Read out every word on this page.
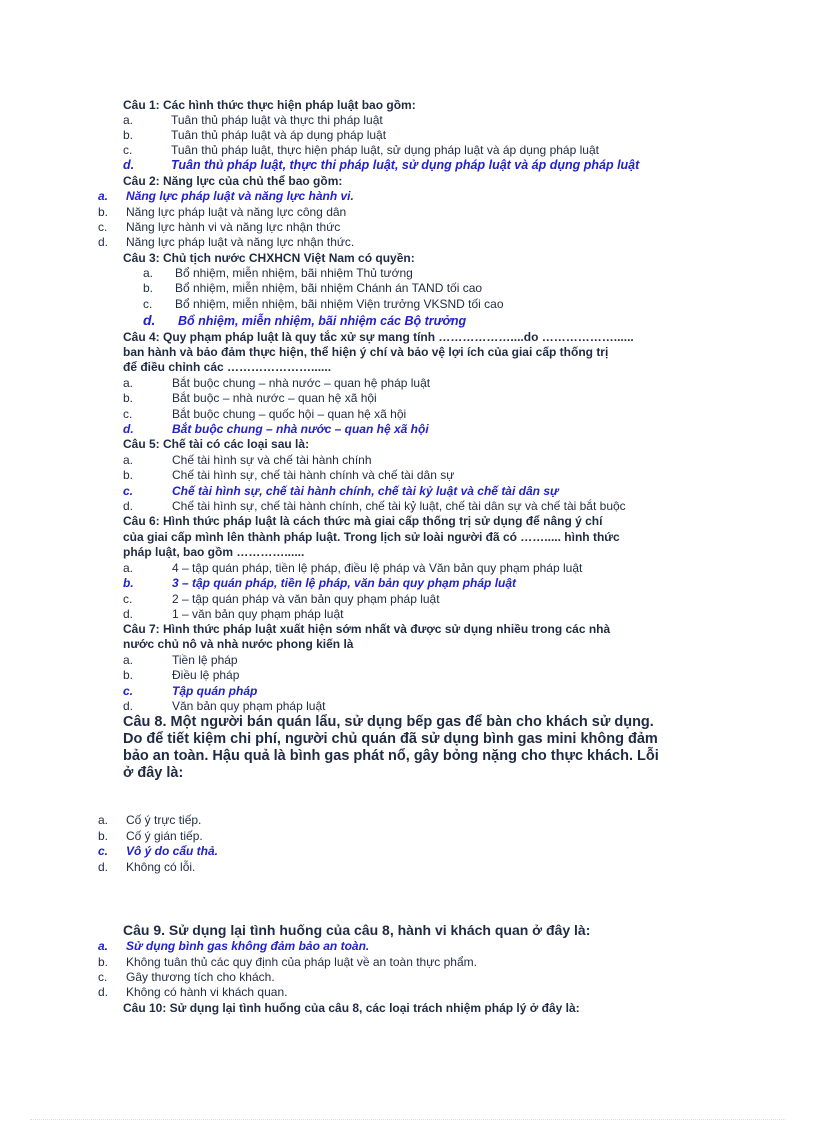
Câu 1: Các hình thức thực hiện pháp luật bao gồm:
a.	Tuân thủ pháp luật và thực thi pháp luật
b.	Tuân thủ pháp luật và áp dụng pháp luật
c.	Tuân thủ pháp luật, thực hiện pháp luật, sử dụng pháp luật và áp dụng pháp luật
d.	Tuân thủ pháp luật, thực thi pháp luật, sử dụng pháp luật và áp dụng pháp luật
Câu 2: Năng lực của chủ thể bao gồm:
a. Năng lực pháp luật và năng lực hành vi.
b. Năng lực pháp luật và năng lực công dân
c. Năng lực hành vi và năng lực nhận thức
d. Năng lực pháp luật và năng lực nhận thức.
Câu 3: Chủ tịch nước CHXHCN Việt Nam có quyền:
a. Bổ nhiệm, miễn nhiệm, bãi nhiệm Thủ tướng
b. Bổ nhiệm, miễn nhiệm, bãi nhiệm Chánh án TAND tối cao
c. Bổ nhiệm, miễn nhiệm, bãi nhiệm Viện trưởng VKSND tối cao
d. Bổ nhiệm, miễn nhiệm, bãi nhiệm các Bộ trưởng
Câu 4: Quy phạm pháp luật là quy tắc xử sự mang tính ………………....do ………………......
ban hành và bảo đảm thực hiện, thể hiện ý chí và bảo vệ lợi ích của giai cấp thống trị
để điều chỉnh các …………………......
a.	Bắt buộc chung – nhà nước – quan hệ pháp luật
b.	Bắt buộc – nhà nước – quan hệ xã hội
c.	Bắt buộc chung – quốc hội – quan hệ xã hội
d.	Bắt buộc chung – nhà nước – quan hệ xã hội
Câu 5: Chế tài có các loại sau là:
a.	Chế tài hình sự và chế tài hành chính
b.	Chế tài hình sự, chế tài hành chính và chế tài dân sự
c.	Chế tài hình sự, chế tài hành chính, chế tài kỷ luật và chế tài dân sự
d.	Chế tài hình sự, chế tài hành chính, chế tài kỷ luật, chế tài dân sự và chế tài bắt buộc
Câu 6: Hình thức pháp luật là cách thức mà giai cấp thống trị sử dụng để nâng ý chí
của giai cấp mình lên thành pháp luật. Trong lịch sử loài người đã có ……..... hình thức
pháp luật, bao gồm …………......
a.	4 – tập quán pháp, tiền lệ pháp, điều lệ pháp và Văn bản quy phạm pháp luật
b.	3 – tập quán pháp, tiền lệ pháp, văn bản quy phạm pháp luật
c.	2 – tập quán pháp và văn bản quy phạm pháp luật
d.	1 – văn bản quy phạm pháp luật
Câu 7: Hình thức pháp luật xuất hiện sớm nhất và được sử dụng nhiều trong các nhà
nước chủ nô và nhà nước phong kiến là
a.	Tiền lệ pháp
b.	Điều lệ pháp
c.	Tập quán pháp
d.	Văn bản quy phạm pháp luật
Câu 8. Một người bán quán lẩu, sử dụng bếp gas để bàn cho khách sử dụng.
Do để tiết kiệm chi phí, người chủ quán đã sử dụng bình gas mini không đảm
bảo an toàn. Hậu quả là bình gas phát nổ, gây bỏng nặng cho thực khách. Lỗi
ở đây là:
a. Cố ý trực tiếp.
b. Cố ý gián tiếp.
c. Vô ý do cẩu thả.
d. Không có lỗi.
Câu 9. Sử dụng lại tình huống của câu 8, hành vi khách quan ở đây là:
a. Sử dụng bình gas không đảm bảo an toàn.
b. Không tuân thủ các quy định của pháp luật về an toàn thực phẩm.
c. Gây thương tích cho khách.
d. Không có hành vi khách quan.
Câu 10: Sử dụng lại tình huống của câu 8, các loại trách nhiệm pháp lý ở đây là:
